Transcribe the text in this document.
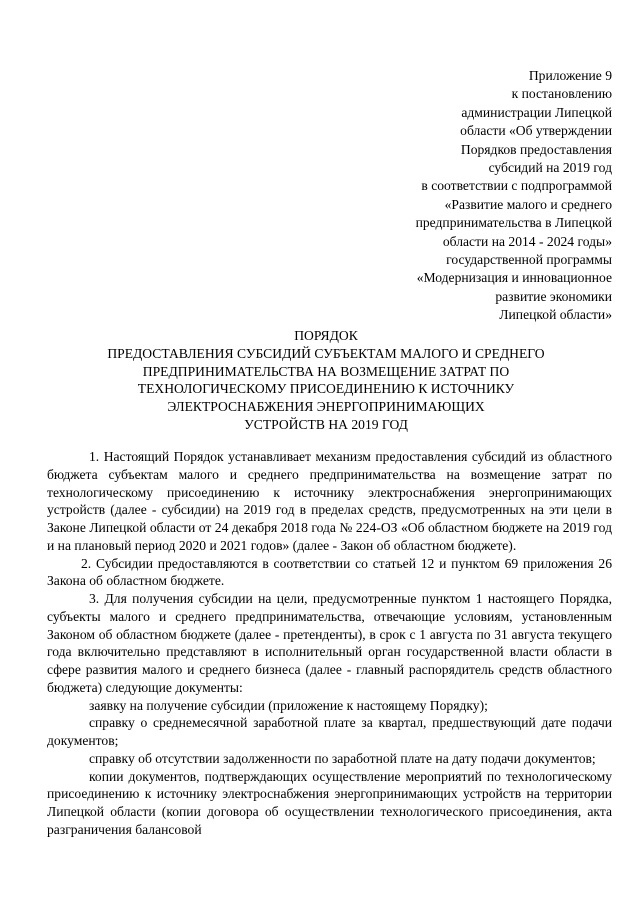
Приложение 9
к постановлению
администрации Липецкой
области «Об утверждении
Порядков предоставления
субсидий на 2019 год
в соответствии с подпрограммой
«Развитие малого и среднего
предпринимательства в Липецкой
области на 2014 - 2024 годы»
государственной программы
«Модернизация и инновационное
развитие экономики
Липецкой области»
ПОРЯДОК
ПРЕДОСТАВЛЕНИЯ СУБСИДИЙ СУБЪЕКТАМ МАЛОГО И СРЕДНЕГО
ПРЕДПРИНИМАТЕЛЬСТВА НА ВОЗМЕЩЕНИЕ ЗАТРАТ ПО
ТЕХНОЛОГИЧЕСКОМУ ПРИСОЕДИНЕНИЮ К ИСТОЧНИКУ
ЭЛЕКТРОСНАБЖЕНИЯ ЭНЕРГОПРИНИМАЮЩИХ
УСТРОЙСТВ НА 2019 ГОД

1. Настоящий Порядок устанавливает механизм предоставления субсидий из областного бюджета субъектам малого и среднего предпринимательства на возмещение затрат по технологическому присоединению к источнику электроснабжения энергопринимающих устройств (далее - субсидии) на 2019 год в пределах средств, предусмотренных на эти цели в Законе Липецкой области от 24 декабря 2018 года № 224-ОЗ «Об областном бюджете на 2019 год и на плановый период 2020 и 2021 годов» (далее - Закон об областном бюджете).

2. Субсидии предоставляются в соответствии со статьей 12 и пунктом 69 приложения 26 Закона об областном бюджете.

3. Для получения субсидии на цели, предусмотренные пунктом 1 настоящего Порядка, субъекты малого и среднего предпринимательства, отвечающие условиям, установленным Законом об областном бюджете (далее - претенденты), в срок с 1 августа по 31 августа текущего года включительно представляют в исполнительный орган государственной власти области в сфере развития малого и среднего бизнеса (далее - главный распорядитель средств областного бюджета) следующие документы:

заявку на получение субсидии (приложение к настоящему Порядку);

справку о среднемесячной заработной плате за квартал, предшествующий дате подачи документов;

справку об отсутствии задолженности по заработной плате на дату подачи документов;

копии документов, подтверждающих осуществление мероприятий по технологическому присоединению к источнику электроснабжения энергопринимающих устройств на территории Липецкой области (копии договора об осуществлении технологического присоединения, акта разграничения балансовой
